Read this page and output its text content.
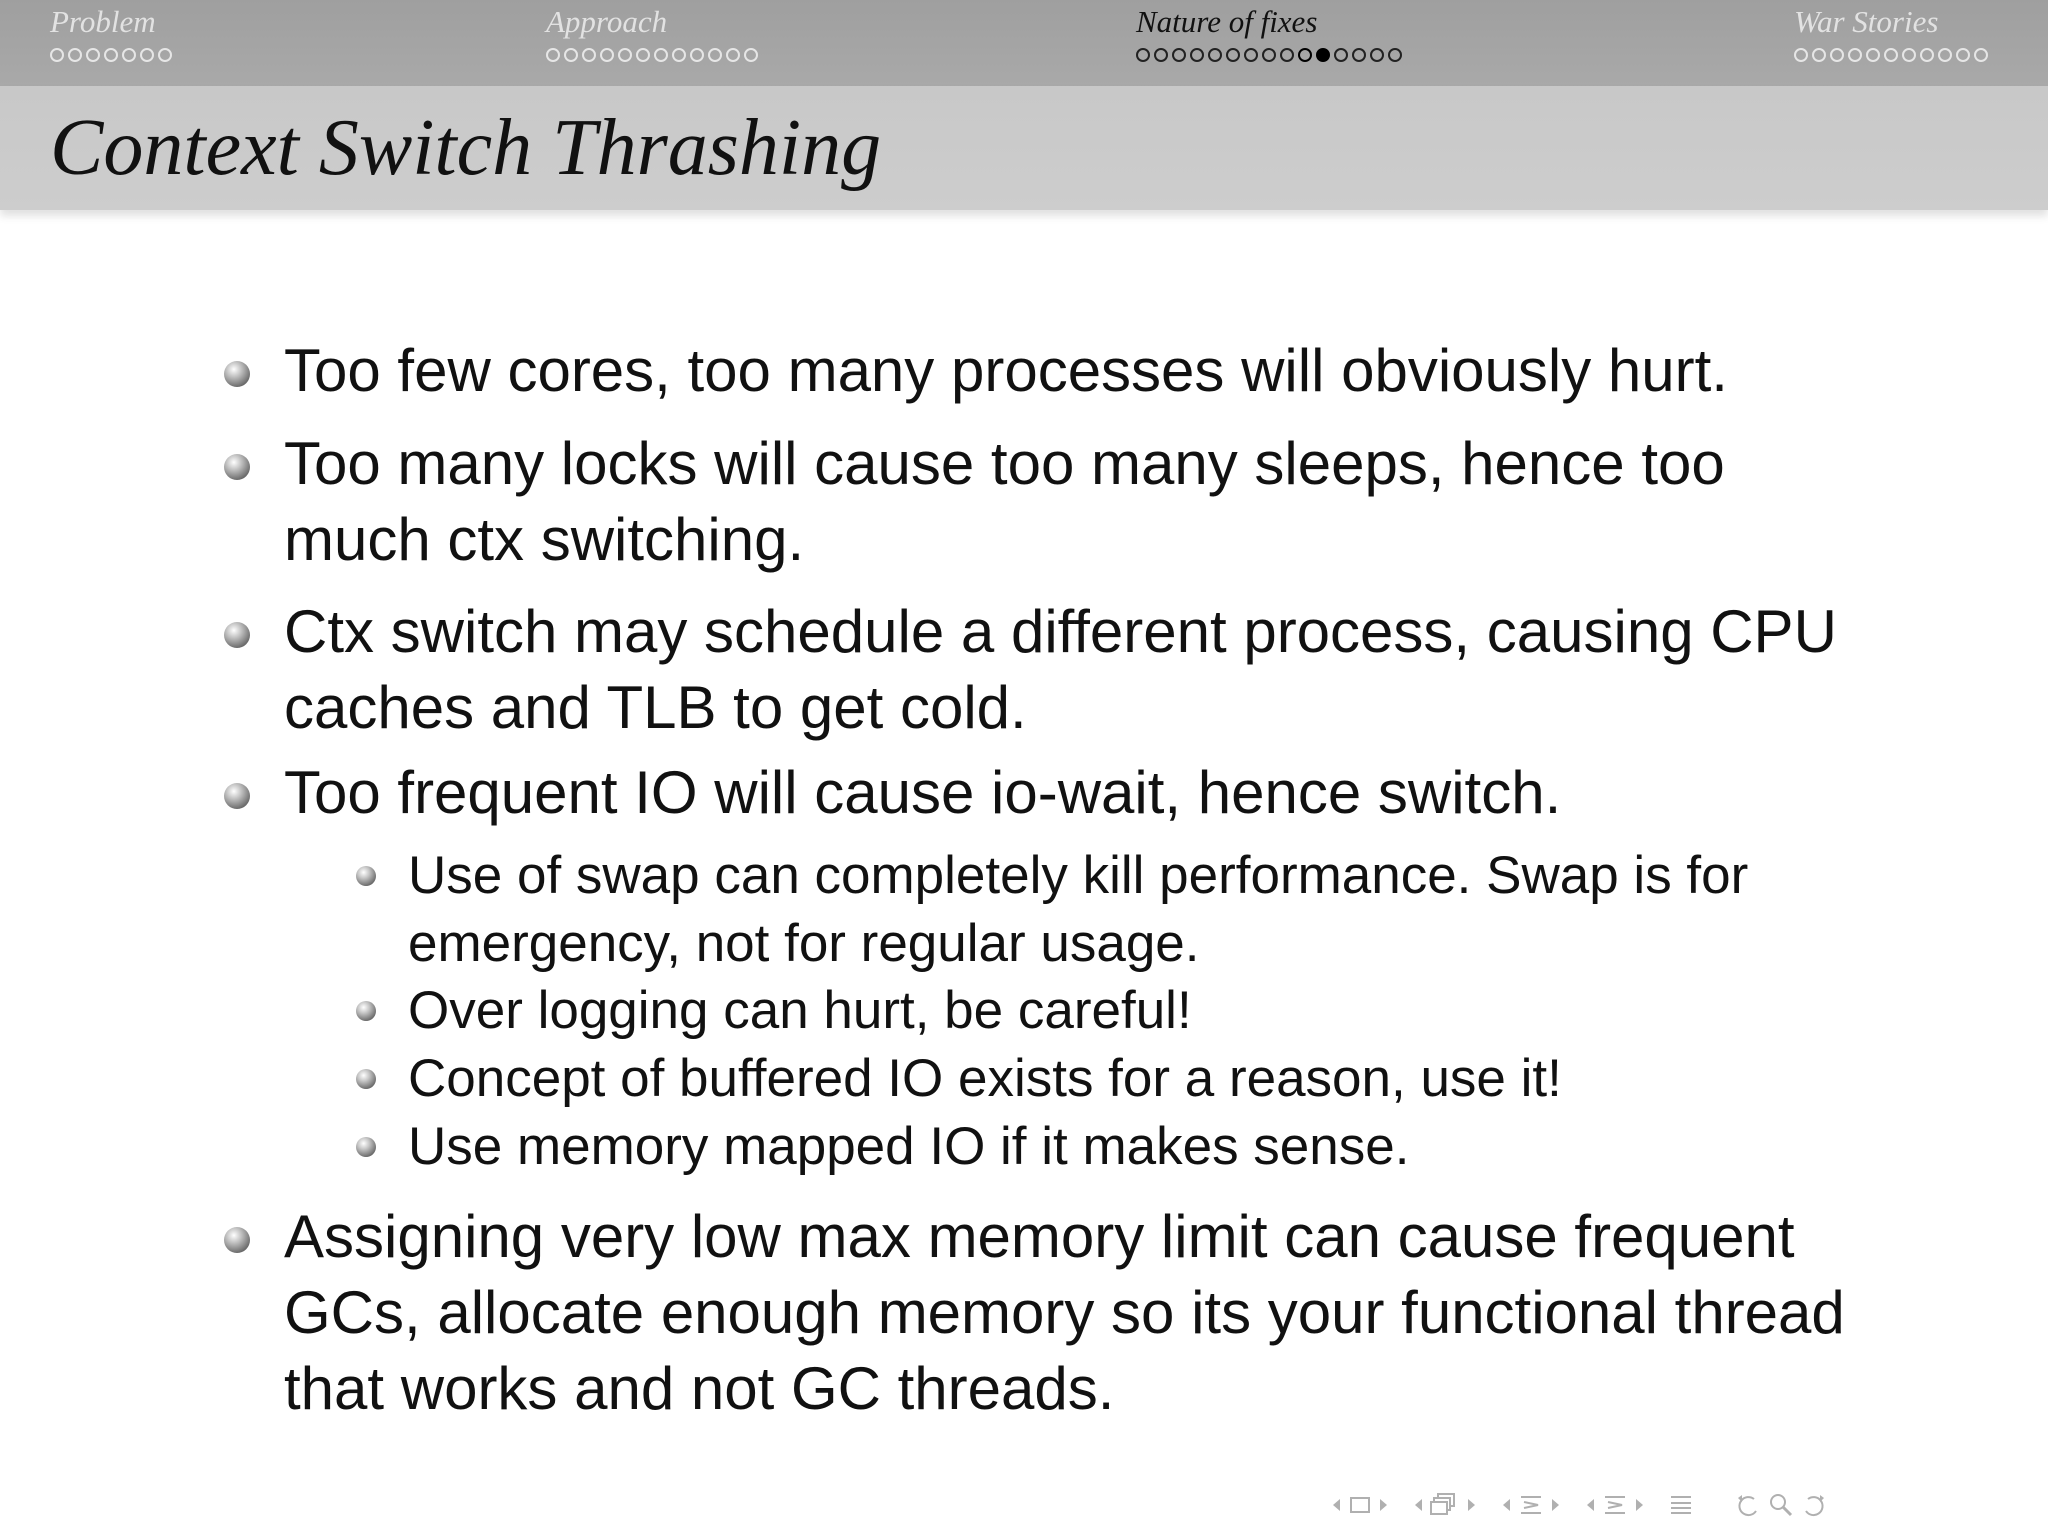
Problem	Approach	Nature of fixes	War Stories
Context Switch Thrashing
Too few cores, too many processes will obviously hurt.
Too many locks will cause too many sleeps, hence too
much ctx switching.
Ctx switch may schedule a different process, causing CPU
caches and TLB to get cold.
Too frequent IO will cause io-wait, hence switch.
Use of swap can completely kill performance. Swap is for
emergency, not for regular usage.
Over logging can hurt, be careful!
Concept of buffered IO exists for a reason, use it!
Use memory mapped IO if it makes sense.
Assigning very low max memory limit can cause frequent
GCs, allocate enough memory so its your functional thread
that works and not GC threads.
